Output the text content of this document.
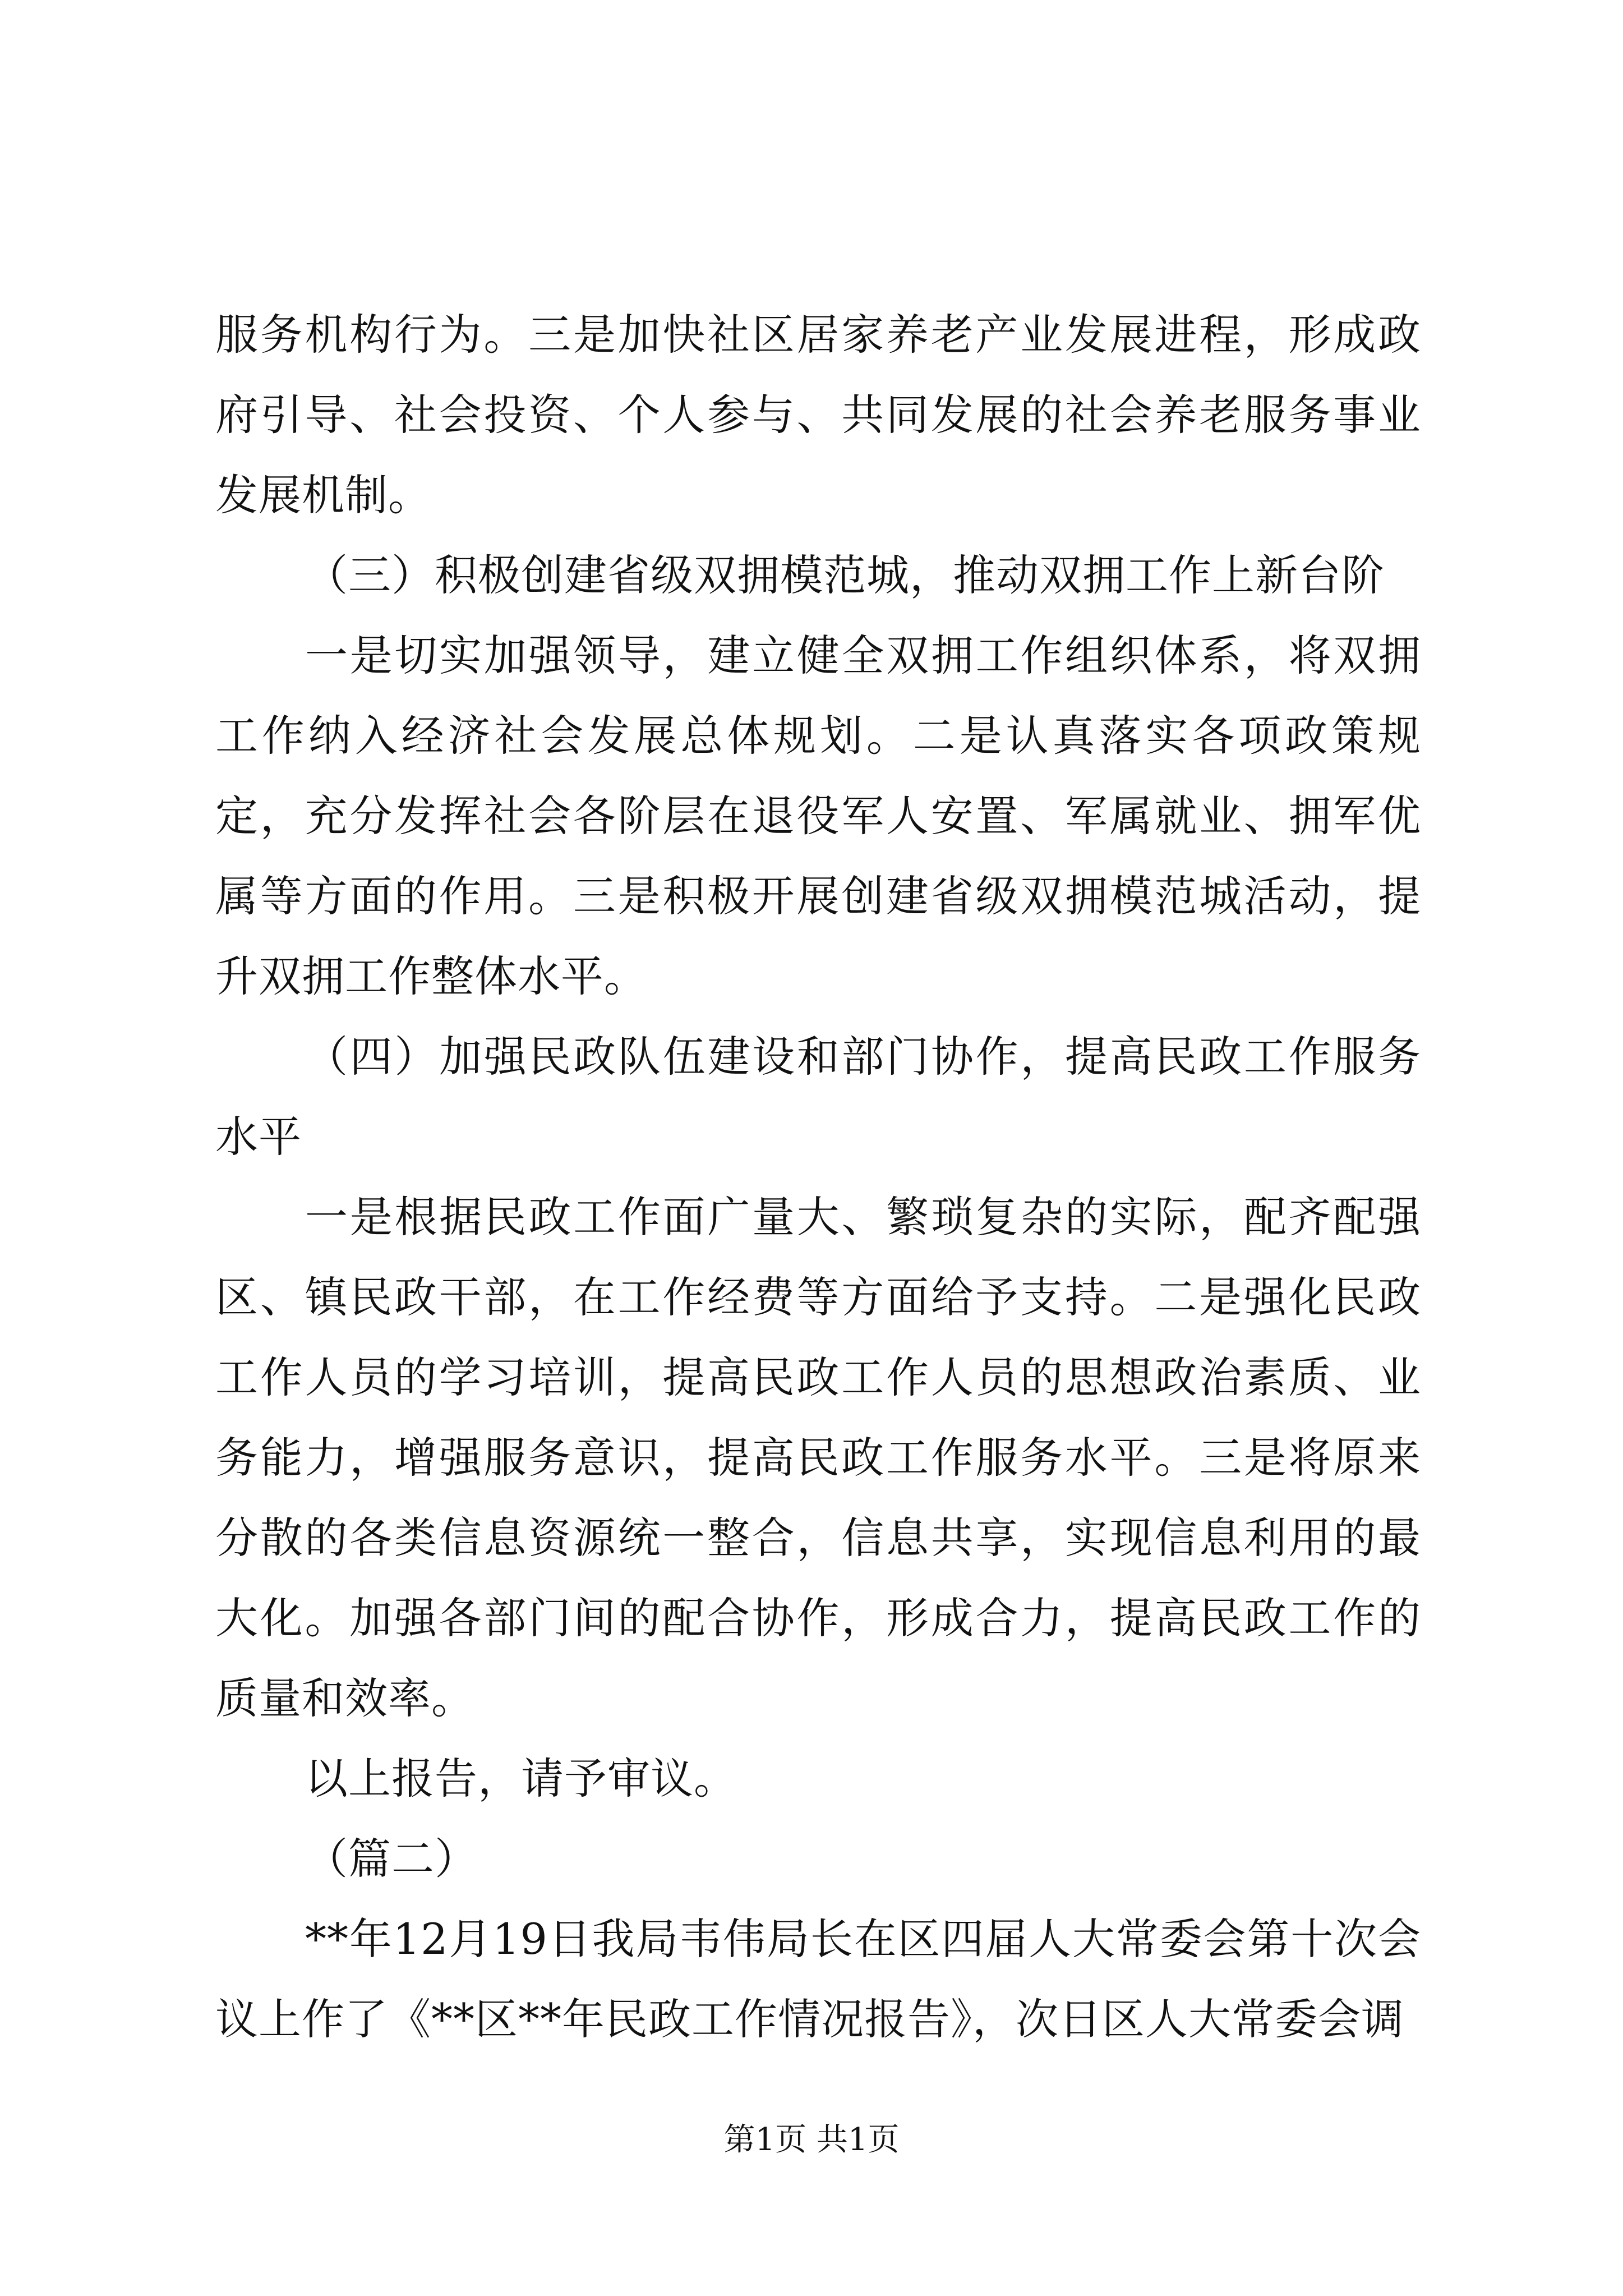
服务机构行为。三是加快社区居家养老产业发展进程，形成政府引导、社会投资、个人参与、共同发展的社会养老服务事业发展机制。

（三）积极创建省级双拥模范城，推动双拥工作上新台阶

一是切实加强领导，建立健全双拥工作组织体系，将双拥工作纳入经济社会发展总体规划。二是认真落实各项政策规定，充分发挥社会各阶层在退役军人安置、军属就业、拥军优属等方面的作用。三是积极开展创建省级双拥模范城活动，提升双拥工作整体水平。

（四）加强民政队伍建设和部门协作，提高民政工作服务水平

一是根据民政工作面广量大、繁琐复杂的实际，配齐配强区、镇民政干部，在工作经费等方面给予支持。二是强化民政工作人员的学习培训，提高民政工作人员的思想政治素质、业务能力，增强服务意识，提高民政工作服务水平。三是将原来分散的各类信息资源统一整合，信息共享，实现信息利用的最大化。加强各部门间的配合协作，形成合力，提高民政工作的质量和效率。

以上报告，请予审议。

（篇二）

**年12月19日我局韦伟局长在区四届人大常委会第十次会议上作了《**区**年民政工作情况报告》，次日区人大常委会调

第1页 共1页
